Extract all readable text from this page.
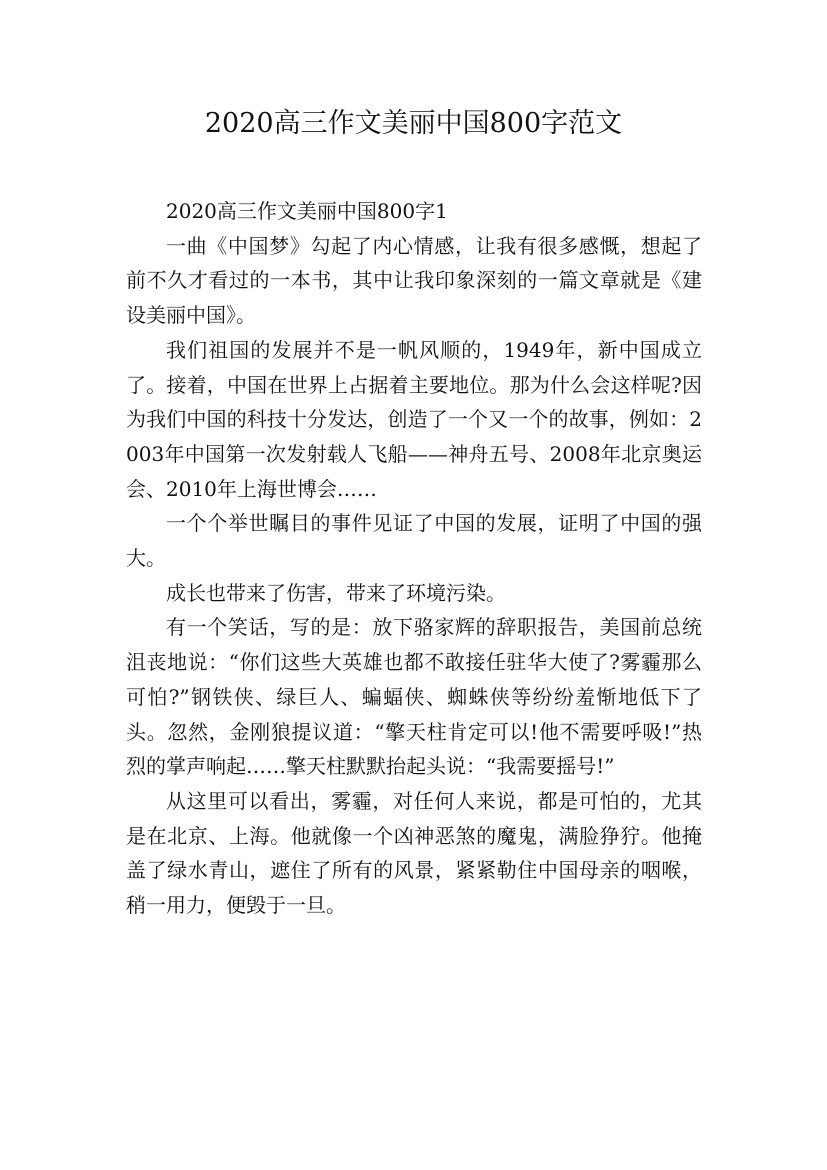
2020高三作文美丽中国800字范文

2020高三作文美丽中国800字1

一曲《中国梦》勾起了内心情感，让我有很多感慨，想起了前不久才看过的一本书，其中让我印象深刻的一篇文章就是《建设美丽中国》。

我们祖国的发展并不是一帆风顺的，1949年，新中国成立了。接着，中国在世界上占据着主要地位。那为什么会这样呢?因为我们中国的科技十分发达，创造了一个又一个的故事，例如：2003年中国第一次发射载人飞船——神舟五号、2008年北京奥运会、2010年上海世博会……

一个个举世瞩目的事件见证了中国的发展，证明了中国的强大。

成长也带来了伤害，带来了环境污染。

有一个笑话，写的是：放下骆家辉的辞职报告，美国前总统沮丧地说：“你们这些大英雄也都不敢接任驻华大使了?雾霾那么可怕?”钢铁侠、绿巨人、蝙蝠侠、蜘蛛侠等纷纷羞惭地低下了头。忽然，金刚狼提议道：“擎天柱肯定可以!他不需要呼吸!”热烈的掌声响起……擎天柱默默抬起头说：“我需要摇号!”

从这里可以看出，雾霾，对任何人来说，都是可怕的，尤其是在北京、上海。他就像一个凶神恶煞的魔鬼，满脸狰狞。他掩盖了绿水青山，遮住了所有的风景，紧紧勒住中国母亲的咽喉，稍一用力，便毁于一旦。
